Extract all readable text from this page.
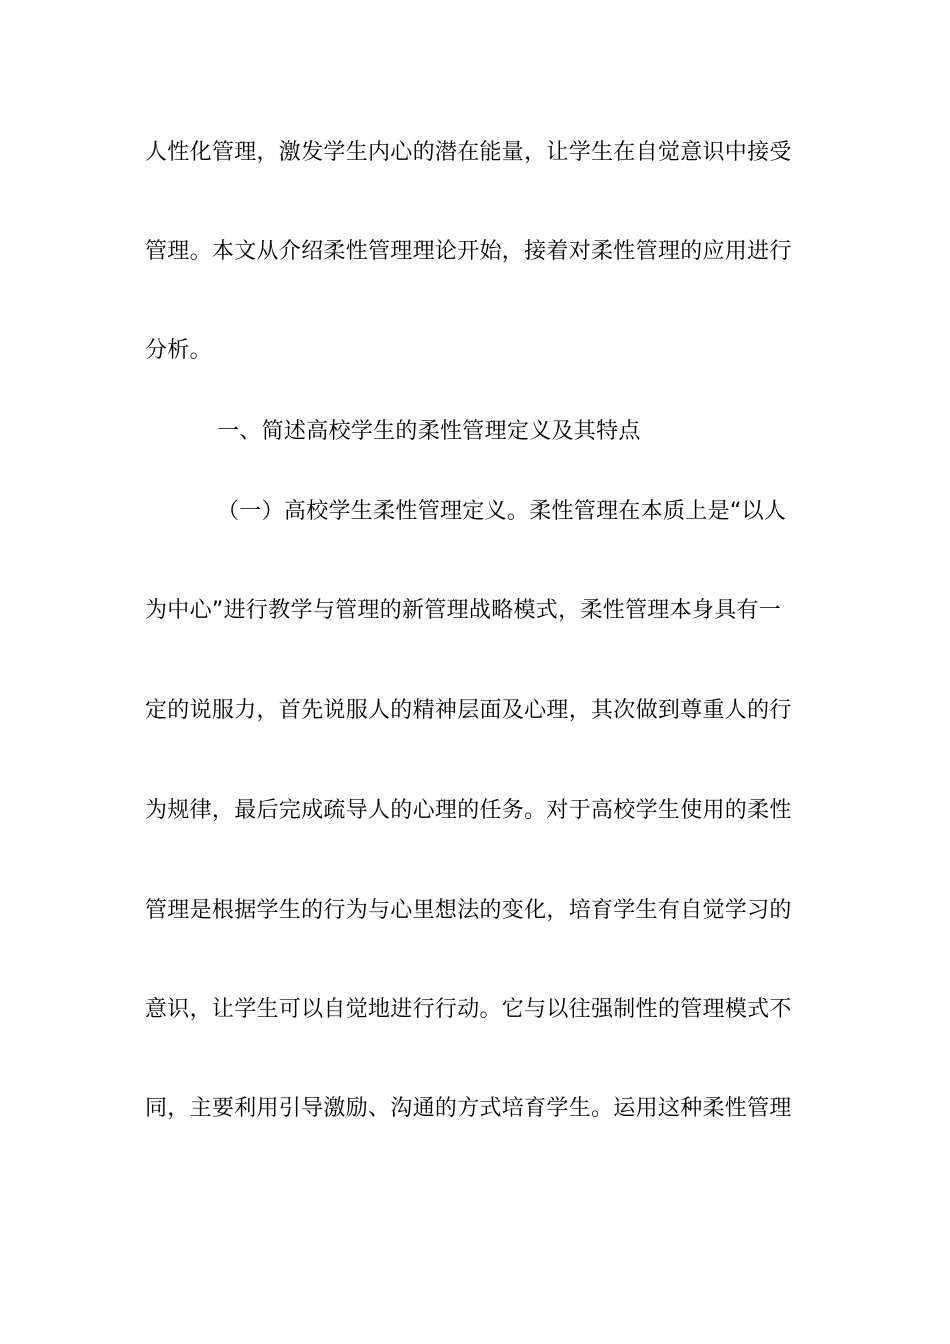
人性化管理，激发学生内心的潜在能量，让学生在自觉意识中接受
管理。本文从介绍柔性管理理论开始，接着对柔性管理的应用进行
分析。
一、简述高校学生的柔性管理定义及其特点
（一）高校学生柔性管理定义。柔性管理在本质上是“以人
为中心”进行教学与管理的新管理战略模式，柔性管理本身具有一
定的说服力，首先说服人的精神层面及心理，其次做到尊重人的行
为规律，最后完成疏导人的心理的任务。对于高校学生使用的柔性
管理是根据学生的行为与心里想法的变化，培育学生有自觉学习的
意识，让学生可以自觉地进行行动。它与以往强制性的管理模式不
同，主要利用引导激励、沟通的方式培育学生。运用这种柔性管理
